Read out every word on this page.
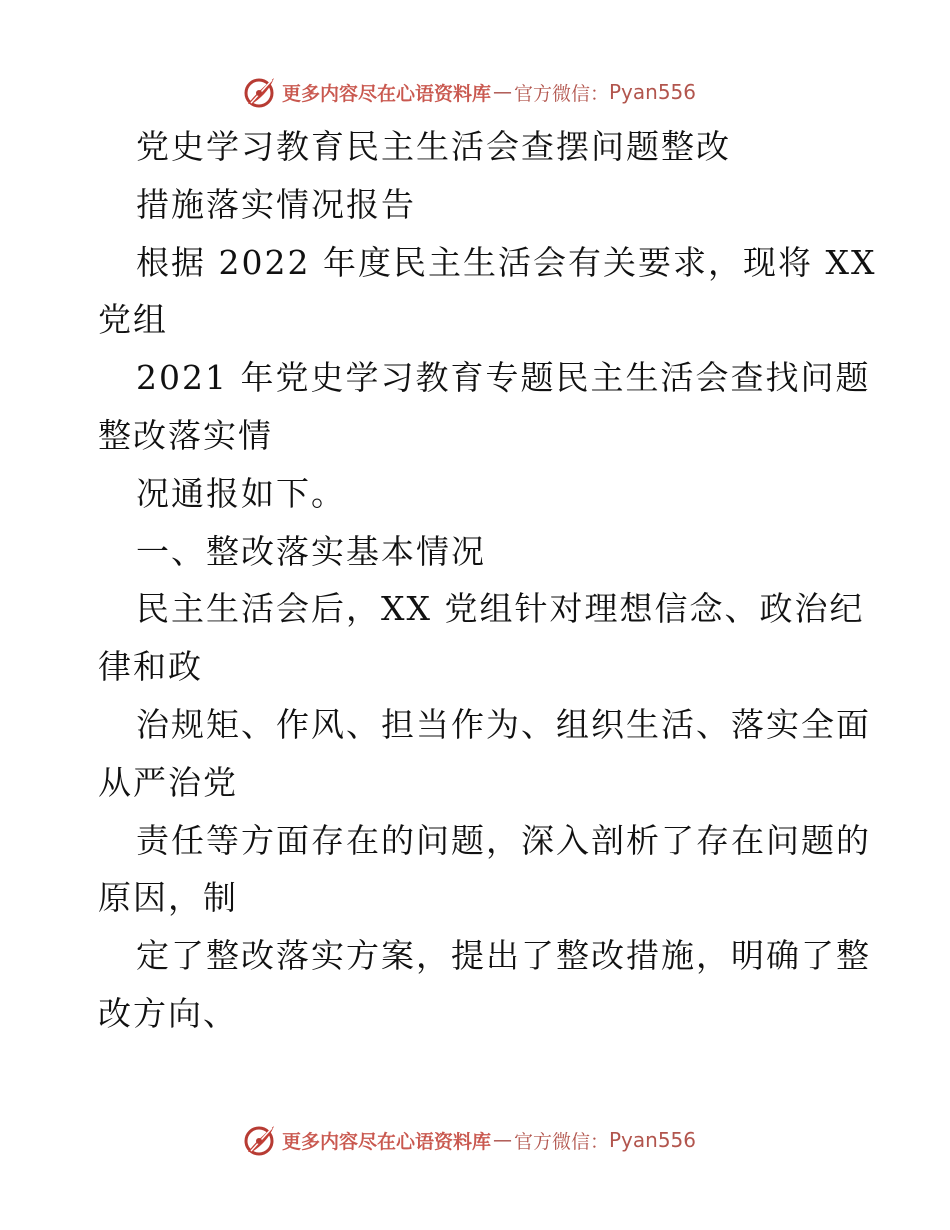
更多内容尽在心语资料库 — 官方微信： Pyan556
党史学习教育民主生活会查摆问题整改
措施落实情况报告
根据 2022 年度民主生活会有关要求，现将 XX
党组
2021 年党史学习教育专题民主生活会查找问题
整改落实情
况通报如下。
一、整改落实基本情况
民主生活会后，XX 党组针对理想信念、政治纪
律和政
治规矩、作风、担当作为、组织生活、落实全面
从严治党
责任等方面存在的问题，深入剖析了存在问题的
原因，制
定了整改落实方案，提出了整改措施，明确了整
改方向、
更多内容尽在心语资料库 — 官方微信： Pyan556
